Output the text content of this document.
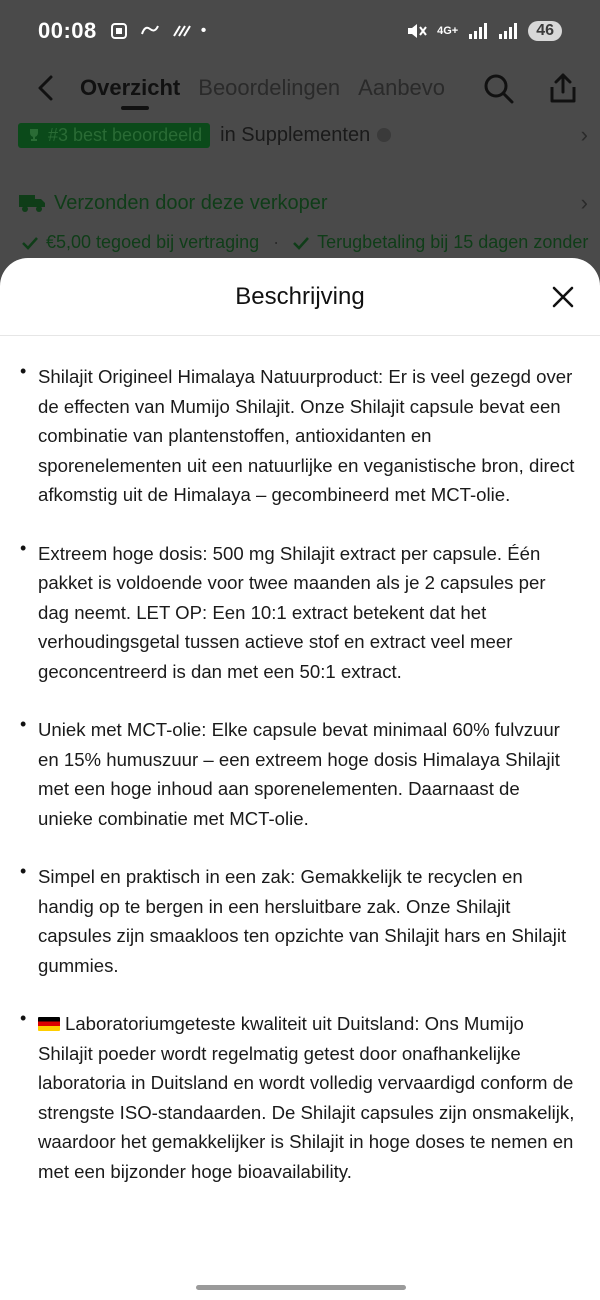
00:08	•	4G+	46
Overzicht Beoordelingen Aanbevo
#3 best beoordeeld in Supplementen	›
Verzonden door deze verkoper	›
€5,00 tegoed bij vertraging · Terugbetaling bij 15 dagen zonder
Beschrijving
• Shilajit Origineel Himalaya Natuurproduct: Er is veel gezegd over de effecten van Mumijo Shilajit. Onze Shilajit capsule bevat een combinatie van plantenstoffen, antioxidanten en sporenelementen uit een natuurlijke en veganistische bron, direct afkomstig uit de Himalaya – gecombineerd met MCT-olie.
• Extreem hoge dosis: 500 mg Shilajit extract per capsule. Één pakket is voldoende voor twee maanden als je 2 capsules per dag neemt. LET OP: Een 10:1 extract betekent dat het verhoudingsgetal tussen actieve stof en extract veel meer geconcentreerd is dan met een 50:1 extract.
• Uniek met MCT-olie: Elke capsule bevat minimaal 60% fulvzuur en 15% humuszuur – een extreem hoge dosis Himalaya Shilajit met een hoge inhoud aan sporenelementen. Daarnaast de unieke combinatie met MCT-olie.
• Simpel en praktisch in een zak: Gemakkelijk te recyclen en handig op te bergen in een hersluitbare zak. Onze Shilajit capsules zijn smaakloos ten opzichte van Shilajit hars en Shilajit gummies.
• Laboratoriumgeteste kwaliteit uit Duitsland: Ons Mumijo Shilajit poeder wordt regelmatig getest door onafhankelijke laboratoria in Duitsland en wordt volledig vervaardigd conform de strengste ISO-standaarden. De Shilajit capsules zijn onsmakelijk, waardoor het gemakkelijker is Shilajit in hoge doses te nemen en met een bijzonder hoge bioavailability.
